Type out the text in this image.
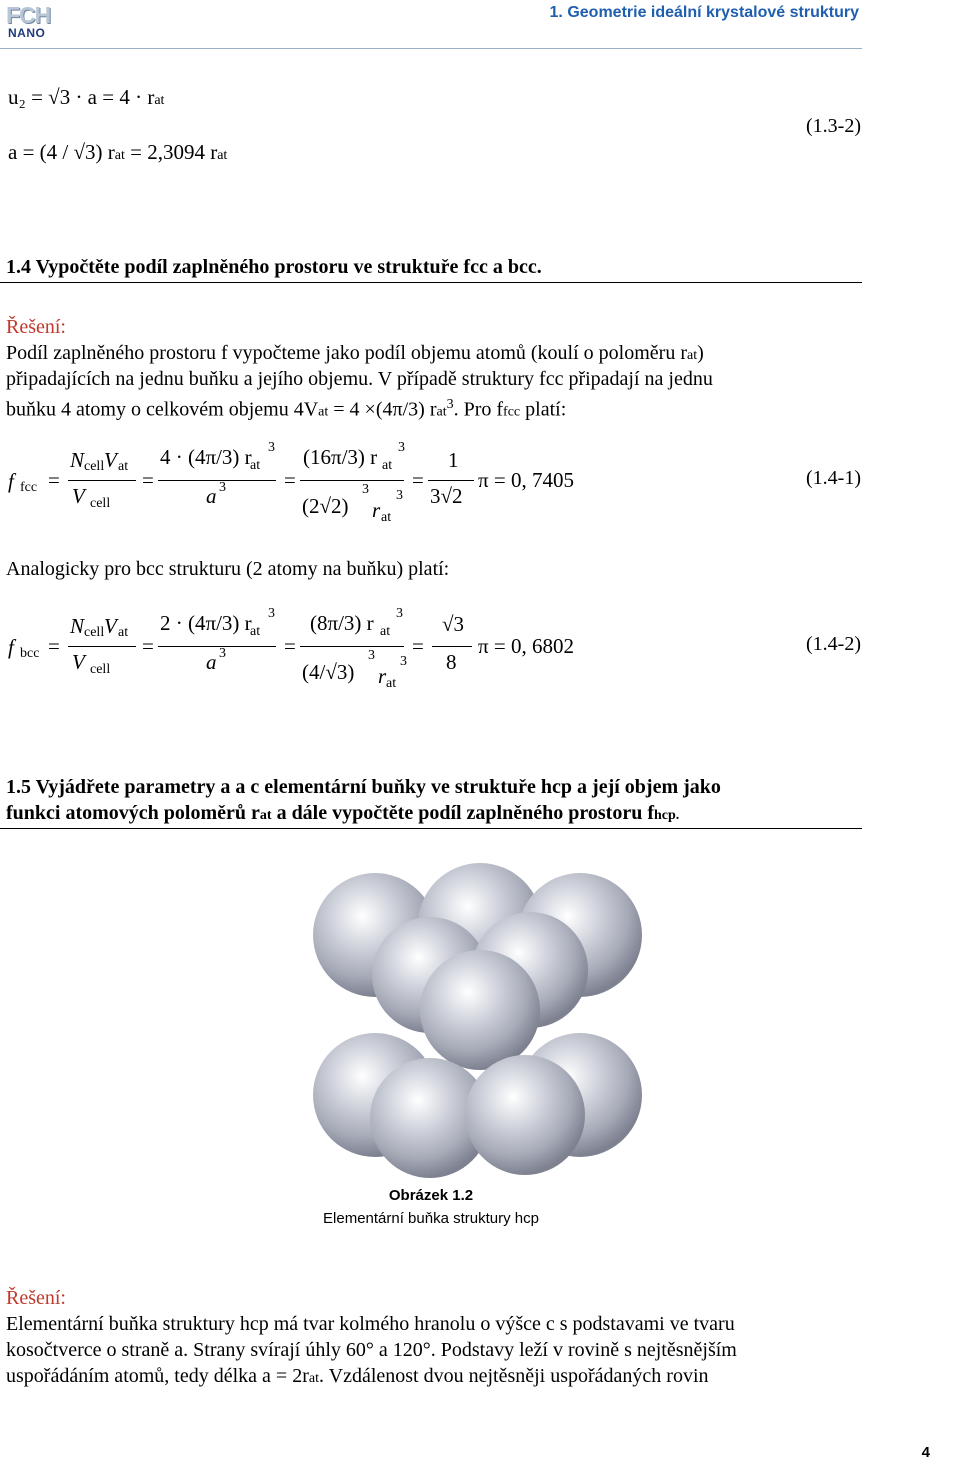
FCH
NANO
1. Geometrie ideální krystalové struktury
u₂ = √3 · a = 4 · rat
a = (4 / √3) rat = 2,3094 rat
(1.3-2)
1.4 Vypočtěte podíl zaplněného prostoru ve struktuře fcc a bcc.
Řešení:
Podíl zaplněného prostoru f vypočteme jako podíl objemu atomů (koulí o poloměru rat)
připadajících na jednu buňku a jejího objemu. V případě struktury fcc připadají na jednu
buňku 4 atomy o celkovém objemu 4Vat = 4 ×(4π/3) rat$^3$. Pro ffcc platí:
f fcc =
N cell V at
V cell
=
4 · (4π/3) r
at
3
a 3	=
(16π/3) r at
3
(2√2)
3
r
3
at
=
1
3√2
π = 0, 7405	(1.4-1)
Analogicky pro bcc strukturu (2 atomy na buňku) platí:
f bcc =
N cell V at
V cell
=
2 · (4π/3) r
at
3
a 3	=
(8π/3) r at
3
(4/√3)
3
r
3
at
=
√3
8
π = 0, 6802	(1.4-2)
1.5 Vyjádřete parametry a a c elementární buňky ve struktuře hcp a její objem jako
funkci atomových poloměrů rat a dále vypočtěte podíl zaplněného prostoru fhcp.
Obrázek 1.2
Elementární buňka struktury hcp
Řešení:
Elementární buňka struktury hcp má tvar kolmého hranolu o výšce c s podstavami ve tvaru
kosočtverce o straně a. Strany svírají úhly 60° a 120°. Podstavy leží v rovině s nejtěsnějším
uspořádáním atomů, tedy délka a = 2rat. Vzdálenost dvou nejtěsněji uspořádaných rovin
4
